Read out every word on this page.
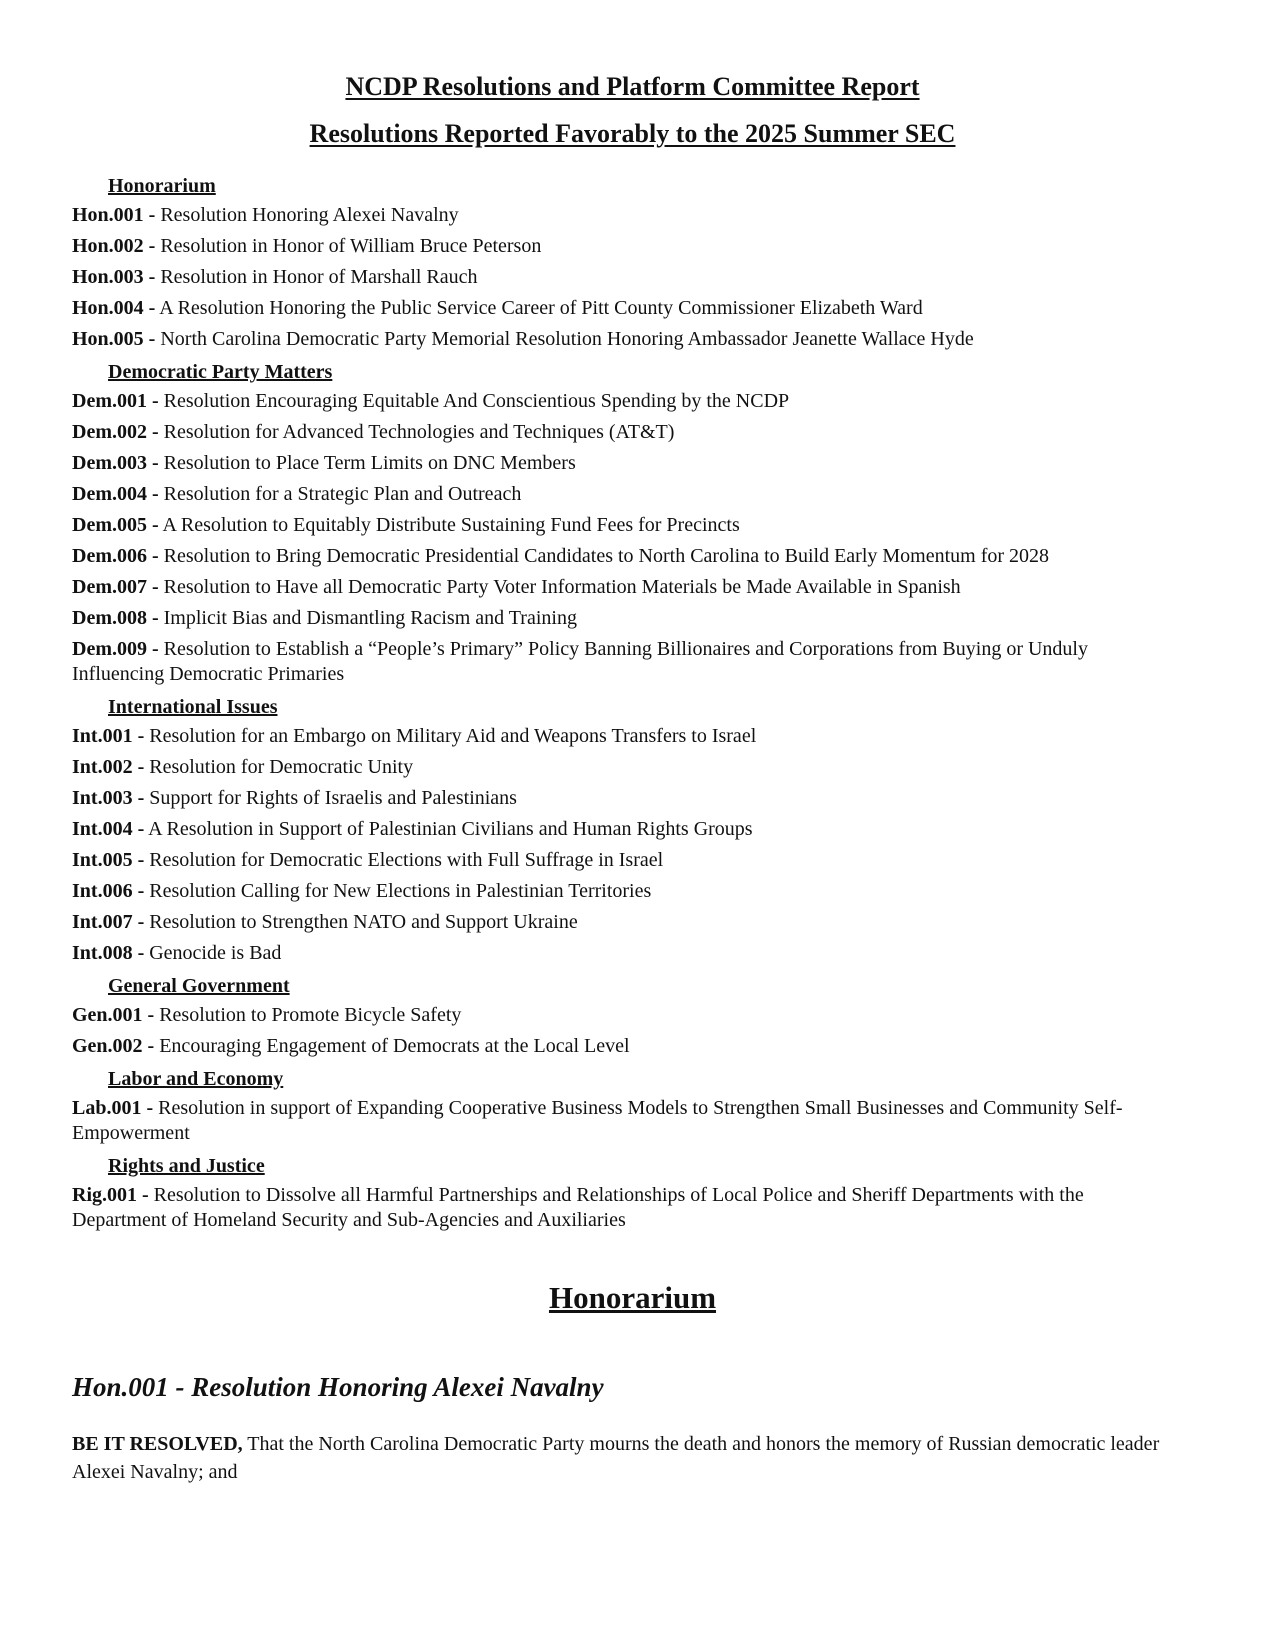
NCDP Resolutions and Platform Committee Report
Resolutions Reported Favorably to the 2025 Summer SEC
Honorarium
Hon.001 - Resolution Honoring Alexei Navalny
Hon.002 - Resolution in Honor of William Bruce Peterson
Hon.003 - Resolution in Honor of Marshall Rauch
Hon.004 - A Resolution Honoring the Public Service Career of Pitt County Commissioner Elizabeth Ward
Hon.005 - North Carolina Democratic Party Memorial Resolution Honoring Ambassador Jeanette Wallace Hyde
Democratic Party Matters
Dem.001 - Resolution Encouraging Equitable And Conscientious Spending by the NCDP
Dem.002 - Resolution for Advanced Technologies and Techniques (AT&T)
Dem.003 - Resolution to Place Term Limits on DNC Members
Dem.004 - Resolution for a Strategic Plan and Outreach
Dem.005 - A Resolution to Equitably Distribute Sustaining Fund Fees for Precincts
Dem.006 - Resolution to Bring Democratic Presidential Candidates to North Carolina to Build Early Momentum for 2028
Dem.007 - Resolution to Have all Democratic Party Voter Information Materials be Made Available in Spanish
Dem.008 - Implicit Bias and Dismantling Racism and Training
Dem.009 - Resolution to Establish a “People’s Primary” Policy Banning Billionaires and Corporations from Buying or Unduly Influencing Democratic Primaries
International Issues
Int.001 - Resolution for an Embargo on Military Aid and Weapons Transfers to Israel
Int.002 - Resolution for Democratic Unity
Int.003 - Support for Rights of Israelis and Palestinians
Int.004 - A Resolution in Support of Palestinian Civilians and Human Rights Groups
Int.005 - Resolution for Democratic Elections with Full Suffrage in Israel
Int.006 - Resolution Calling for New Elections in Palestinian Territories
Int.007 - Resolution to Strengthen NATO and Support Ukraine
Int.008 - Genocide is Bad
General Government
Gen.001 - Resolution to Promote Bicycle Safety
Gen.002 - Encouraging Engagement of Democrats at the Local Level
Labor and Economy
Lab.001 - Resolution in support of Expanding Cooperative Business Models to Strengthen Small Businesses and Community Self-Empowerment
Rights and Justice
Rig.001 - Resolution to Dissolve all Harmful Partnerships and Relationships of Local Police and Sheriff Departments with the Department of Homeland Security and Sub-Agencies and Auxiliaries
Honorarium
Hon.001 - Resolution Honoring Alexei Navalny
BE IT RESOLVED, That the North Carolina Democratic Party mourns the death and honors the memory of Russian democratic leader Alexei Navalny; and
